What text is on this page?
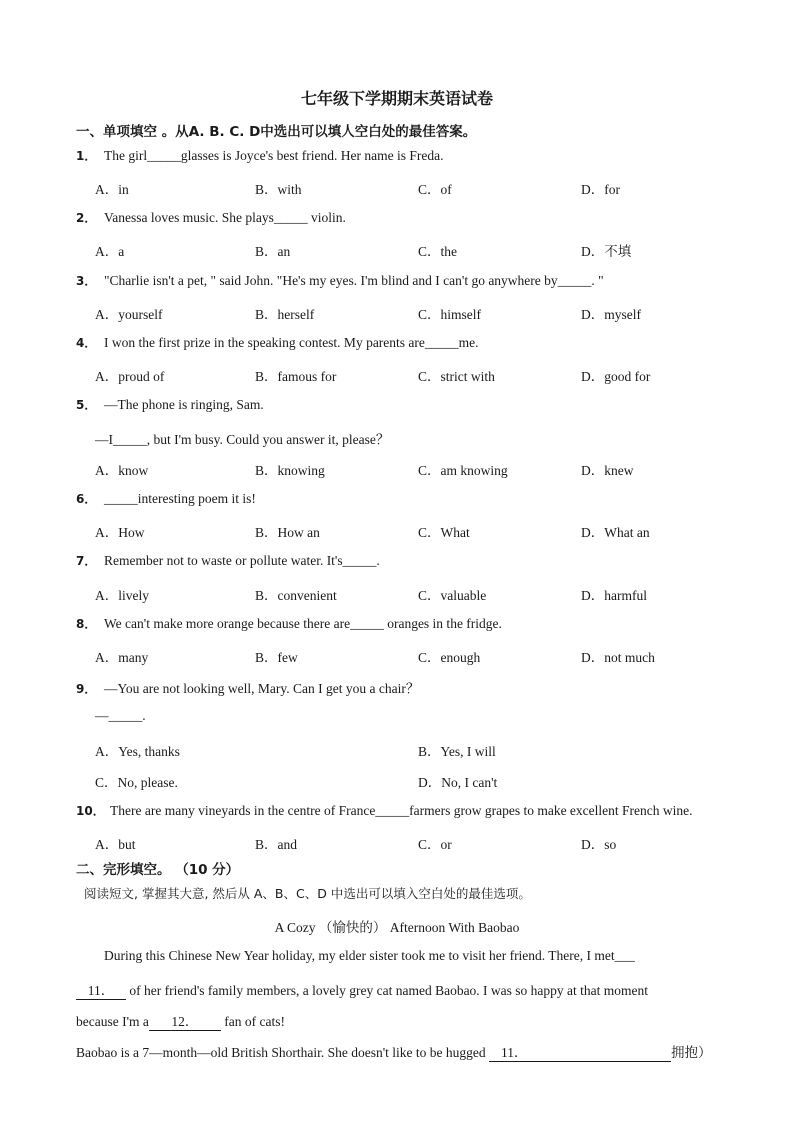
七年级下学期期末英语试卷
一、单项填空 。从A. B. C. D中选出可以填人空白处的最佳答案。
1． The girl_____glasses is Joyce's best friend. Her name is Freda.
A．in	B．with	C．of	D．for
2． Vanessa loves music. She plays_____ violin.
A．a	B．an	C．the	D．不填
3． "Charlie isn't a pet, " said John. "He's my eyes. I'm blind and I can't go anywhere by_____. "
A．yourself	B．herself	C．himself	D．myself
4． I won the first prize in the speaking contest. My parents are_____me.
A．proud of	B．famous for	C．strict with	D．good for
5． —The phone is ringing, Sam.
—I_____, but I'm busy. Could you answer it, please？
A．know	B．knowing	C．am knowing	D．knew
6． _____interesting poem it is!
A．How	B．How an	C．What	D．What an
7． Remember not to waste or pollute water. It's_____.
A．lively	B．convenient	C．valuable	D．harmful
8． We can't make more orange because there are_____ oranges in the fridge.
A．many	B．few	C．enough	D．not much
9． —You are not looking well, Mary. Can I get you a chair？
—_____.
A．Yes, thanks	B．Yes, I will
C．No, please.	D．No, I can't
10． There are many vineyards in the centre of France_____farmers grow grapes to make excellent French wine.
A．but	B．and	C．or	D．so
二、完形填空。 （10 分）
阅读短文, 掌握其大意, 然后从 A、B、C、D 中选出可以填入空白处的最佳选项。
A Cozy （愉快的） Afternoon With Baobao
During this Chinese New Year holiday, my elder sister took me to visit her friend. There, I met___
11． of her friend's family members, a lovely grey cat named Baobao. I was so happy at that moment
because I'm a 12． fan of cats!
Baobao is a 7—month—old British Shorthair. She doesn't like to be hugged 11．	拥抱）
